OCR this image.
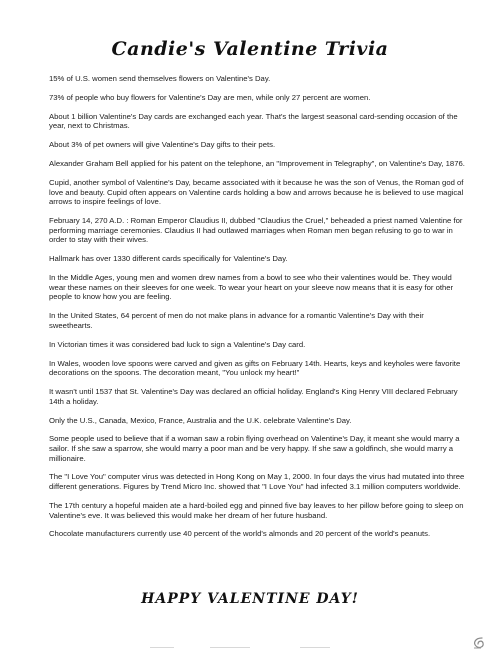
Candie's Valentine Trivia

15% of U.S. women send themselves flowers on Valentine's Day.

73% of people who buy flowers for Valentine's Day are men, while only 27 percent are women.

About 1 billion Valentine's Day cards are exchanged each year. That's the largest seasonal card-sending occasion of the year, next to Christmas.

About 3% of pet owners will give Valentine's Day gifts to their pets.

Alexander Graham Bell applied for his patent on the telephone, an "Improvement in Telegraphy", on Valentine's Day, 1876.

Cupid, another symbol of Valentine's Day, became associated with it because he was the son of Venus, the Roman god of love and beauty. Cupid often appears on Valentine cards holding a bow and arrows because he is believed to use magical arrows to inspire feelings of love.

February 14, 270 A.D. : Roman Emperor Claudius II, dubbed "Claudius the Cruel," beheaded a priest named Valentine for performing marriage ceremonies. Claudius II had outlawed marriages when Roman men began refusing to go to war in order to stay with their wives.

Hallmark has over 1330 different cards specifically for Valentine's Day.

In the Middle Ages, young men and women drew names from a bowl to see who their valentines would be. They would wear these names on their sleeves for one week. To wear your heart on your sleeve now means that it is easy for other people to know how you are feeling.

In the United States, 64 percent of men do not make plans in advance for a romantic Valentine's Day with their sweethearts.

In Victorian times it was considered bad luck to sign a Valentine's Day card.

In Wales, wooden love spoons were carved and given as gifts on February 14th. Hearts, keys and keyholes were favorite decorations on the spoons. The decoration meant, "You unlock my heart!"

It wasn't until 1537 that St. Valentine's Day was declared an official holiday. England's King Henry VIII declared February 14th a holiday.

Only the U.S., Canada, Mexico, France, Australia and the U.K. celebrate Valentine's Day.

Some people used to believe that if a woman saw a robin flying overhead on Valentine's Day, it meant she would marry a sailor. If she saw a sparrow, she would marry a poor man and be very happy. If she saw a goldfinch, she would marry a millionaire.

The "I Love You" computer virus was detected in Hong Kong on May 1, 2000. In four days the virus had mutated into three different generations. Figures by Trend Micro Inc. showed that "I Love You" had infected 3.1 million computers worldwide.

The 17th century a hopeful maiden ate a hard-boiled egg and pinned five bay leaves to her pillow before going to sleep on Valentine's eve. It was believed this would make her dream of her future husband.

Chocolate manufacturers currently use 40 percent of the world's almonds and 20 percent of the world's peanuts.

HAPPY VALENTINE DAY!
